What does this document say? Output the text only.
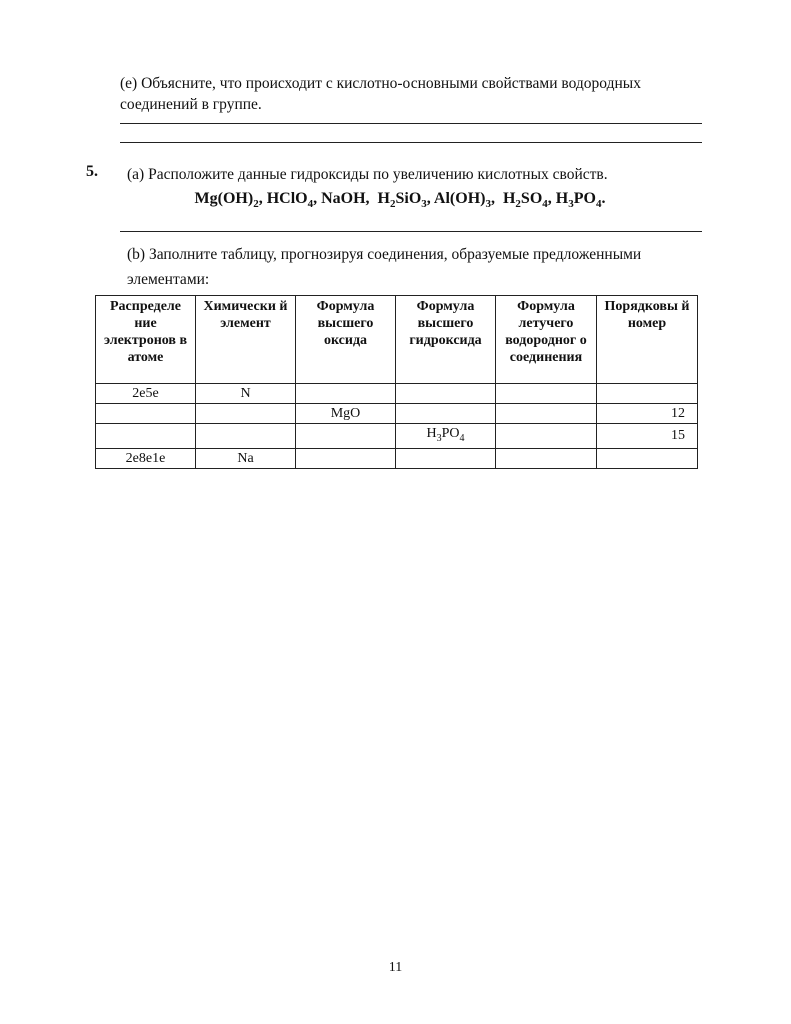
(e) Объясните, что происходит с кислотно-основными свойствами водородных
соединений в группе.
5. (a) Расположите данные гидроксиды по увеличению кислотных свойств.
$Mg(OH)_2$, HClO$_4$, NaOH,  $H_2SiO_3$, $Al(OH)_3$,  $H_2SO_4$, $H_3PO_4$.
(b) Заполните таблицу, прогнозируя соединения, образуемые предложенными
элементами:
Распределе ние электронов в атоме	Химически й элемент	Формула высшего оксида	Формула высшего гидроксида	Формула летучего водородног о соединения	Порядковы й номер
2e5e	N				
		MgO			12
			$H_3PO_4$		15
2e8e1e	Na				
11
